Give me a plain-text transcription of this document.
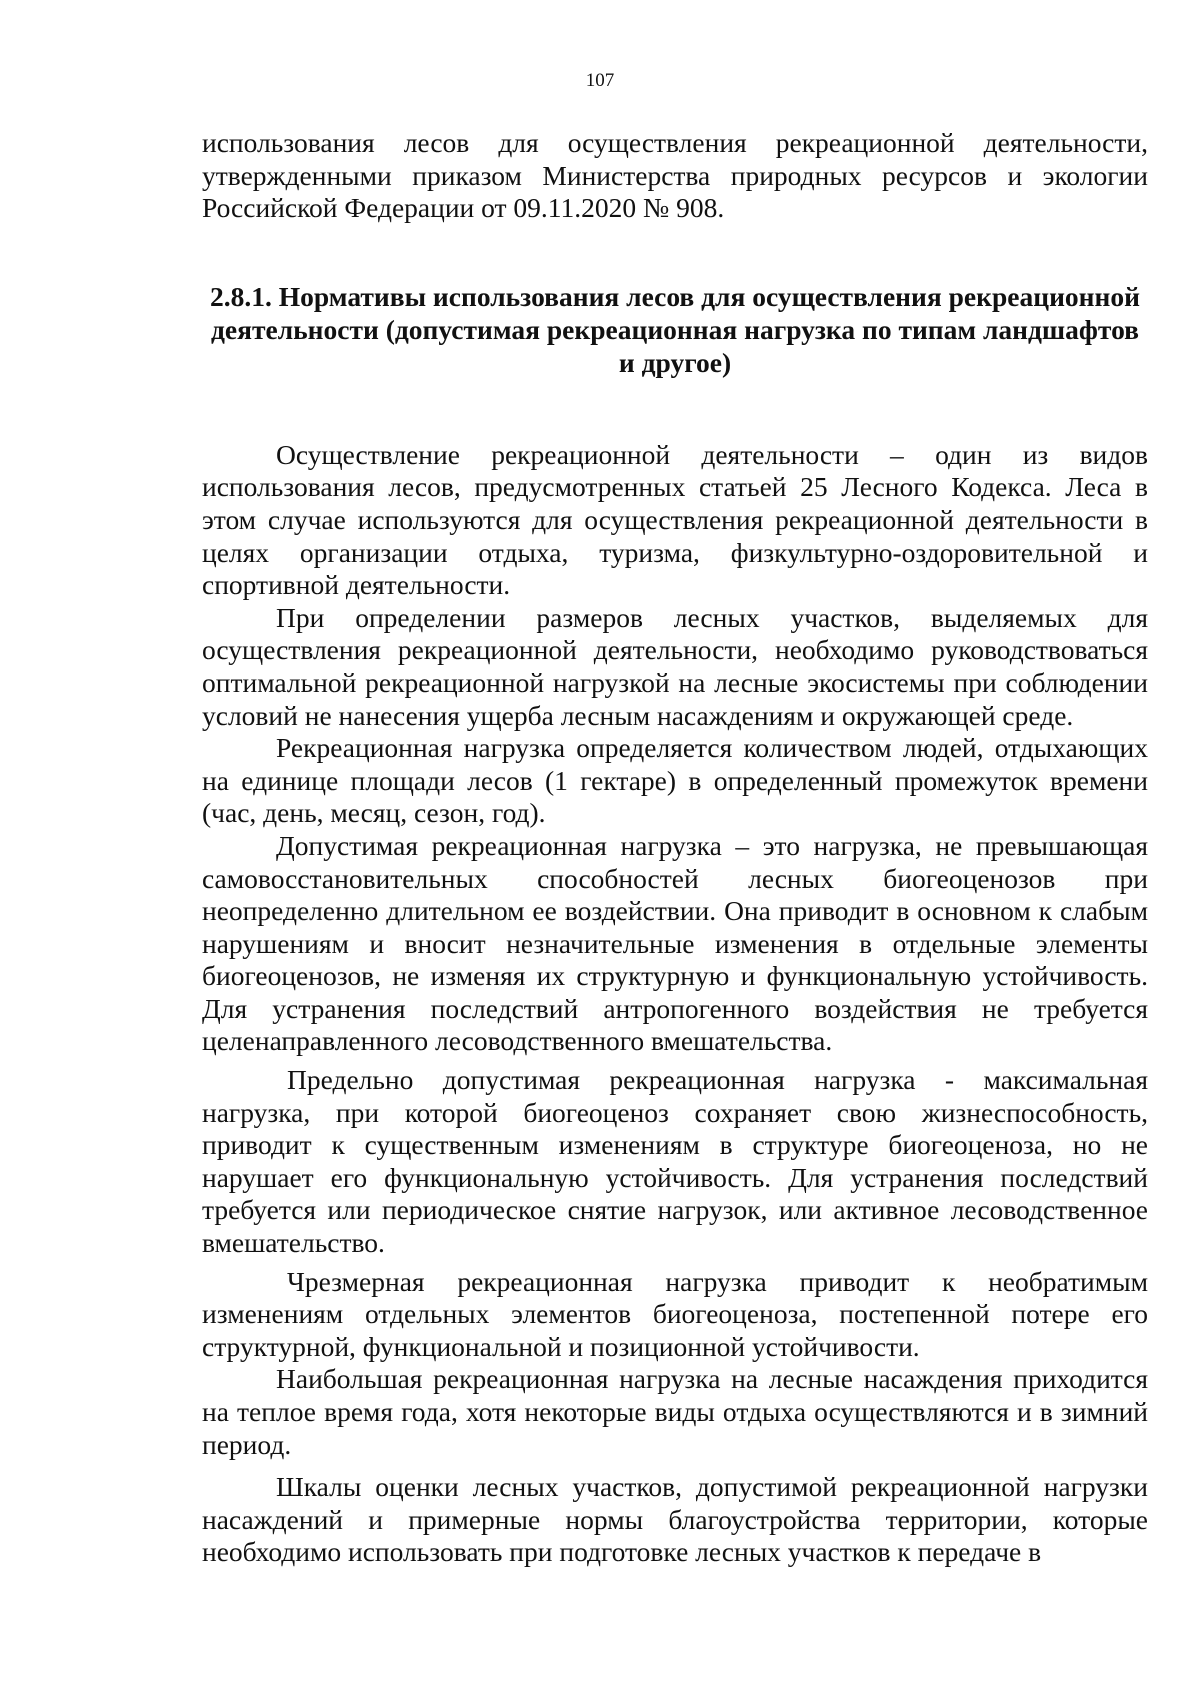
107

использования лесов для осуществления рекреационной деятельности, утвержденными приказом Министерства природных ресурсов и экологии Российской Федерации от 09.11.2020 № 908.

2.8.1. Нормативы использования лесов для осуществления рекреационной деятельности (допустимая рекреационная нагрузка по типам ландшафтов и другое)

Осуществление рекреационной деятельности – один из видов использования лесов, предусмотренных статьей 25 Лесного Кодекса. Леса в этом случае используются для осуществления рекреационной деятельности в целях организации отдыха, туризма, физкультурно-оздоровительной и спортивной деятельности.

При определении размеров лесных участков, выделяемых для осуществления рекреационной деятельности, необходимо руководствоваться оптимальной рекреационной нагрузкой на лесные экосистемы при соблюдении условий не нанесения ущерба лесным насаждениям и окружающей среде.

Рекреационная нагрузка определяется количеством людей, отдыхающих на единице площади лесов (1 гектаре) в определенный промежуток времени (час, день, месяц, сезон, год).

Допустимая рекреационная нагрузка – это нагрузка, не превышающая самовосстановительных способностей лесных биогеоценозов при неопределенно длительном ее воздействии. Она приводит в основном к слабым нарушениям и вносит незначительные изменения в отдельные элементы биогеоценозов, не изменяя их структурную и функциональную устойчивость. Для устранения последствий антропогенного воздействия не требуется целенаправленного лесоводственного вмешательства.

Предельно допустимая рекреационная нагрузка - максимальная нагрузка, при которой биогеоценоз сохраняет свою жизнеспособность, приводит к существенным изменениям в структуре биогеоценоза, но не нарушает его функциональную устойчивость. Для устранения последствий требуется или периодическое снятие нагрузок, или активное лесоводственное вмешательство.

Чрезмерная рекреационная нагрузка приводит к необратимым изменениям отдельных элементов биогеоценоза, постепенной потере его структурной, функциональной и позиционной устойчивости.

Наибольшая рекреационная нагрузка на лесные насаждения приходится на теплое время года, хотя некоторые виды отдыха осуществляются и в зимний период.

Шкалы оценки лесных участков, допустимой рекреационной нагрузки насаждений и примерные нормы благоустройства территории, которые необходимо использовать при подготовке лесных участков к передаче в
